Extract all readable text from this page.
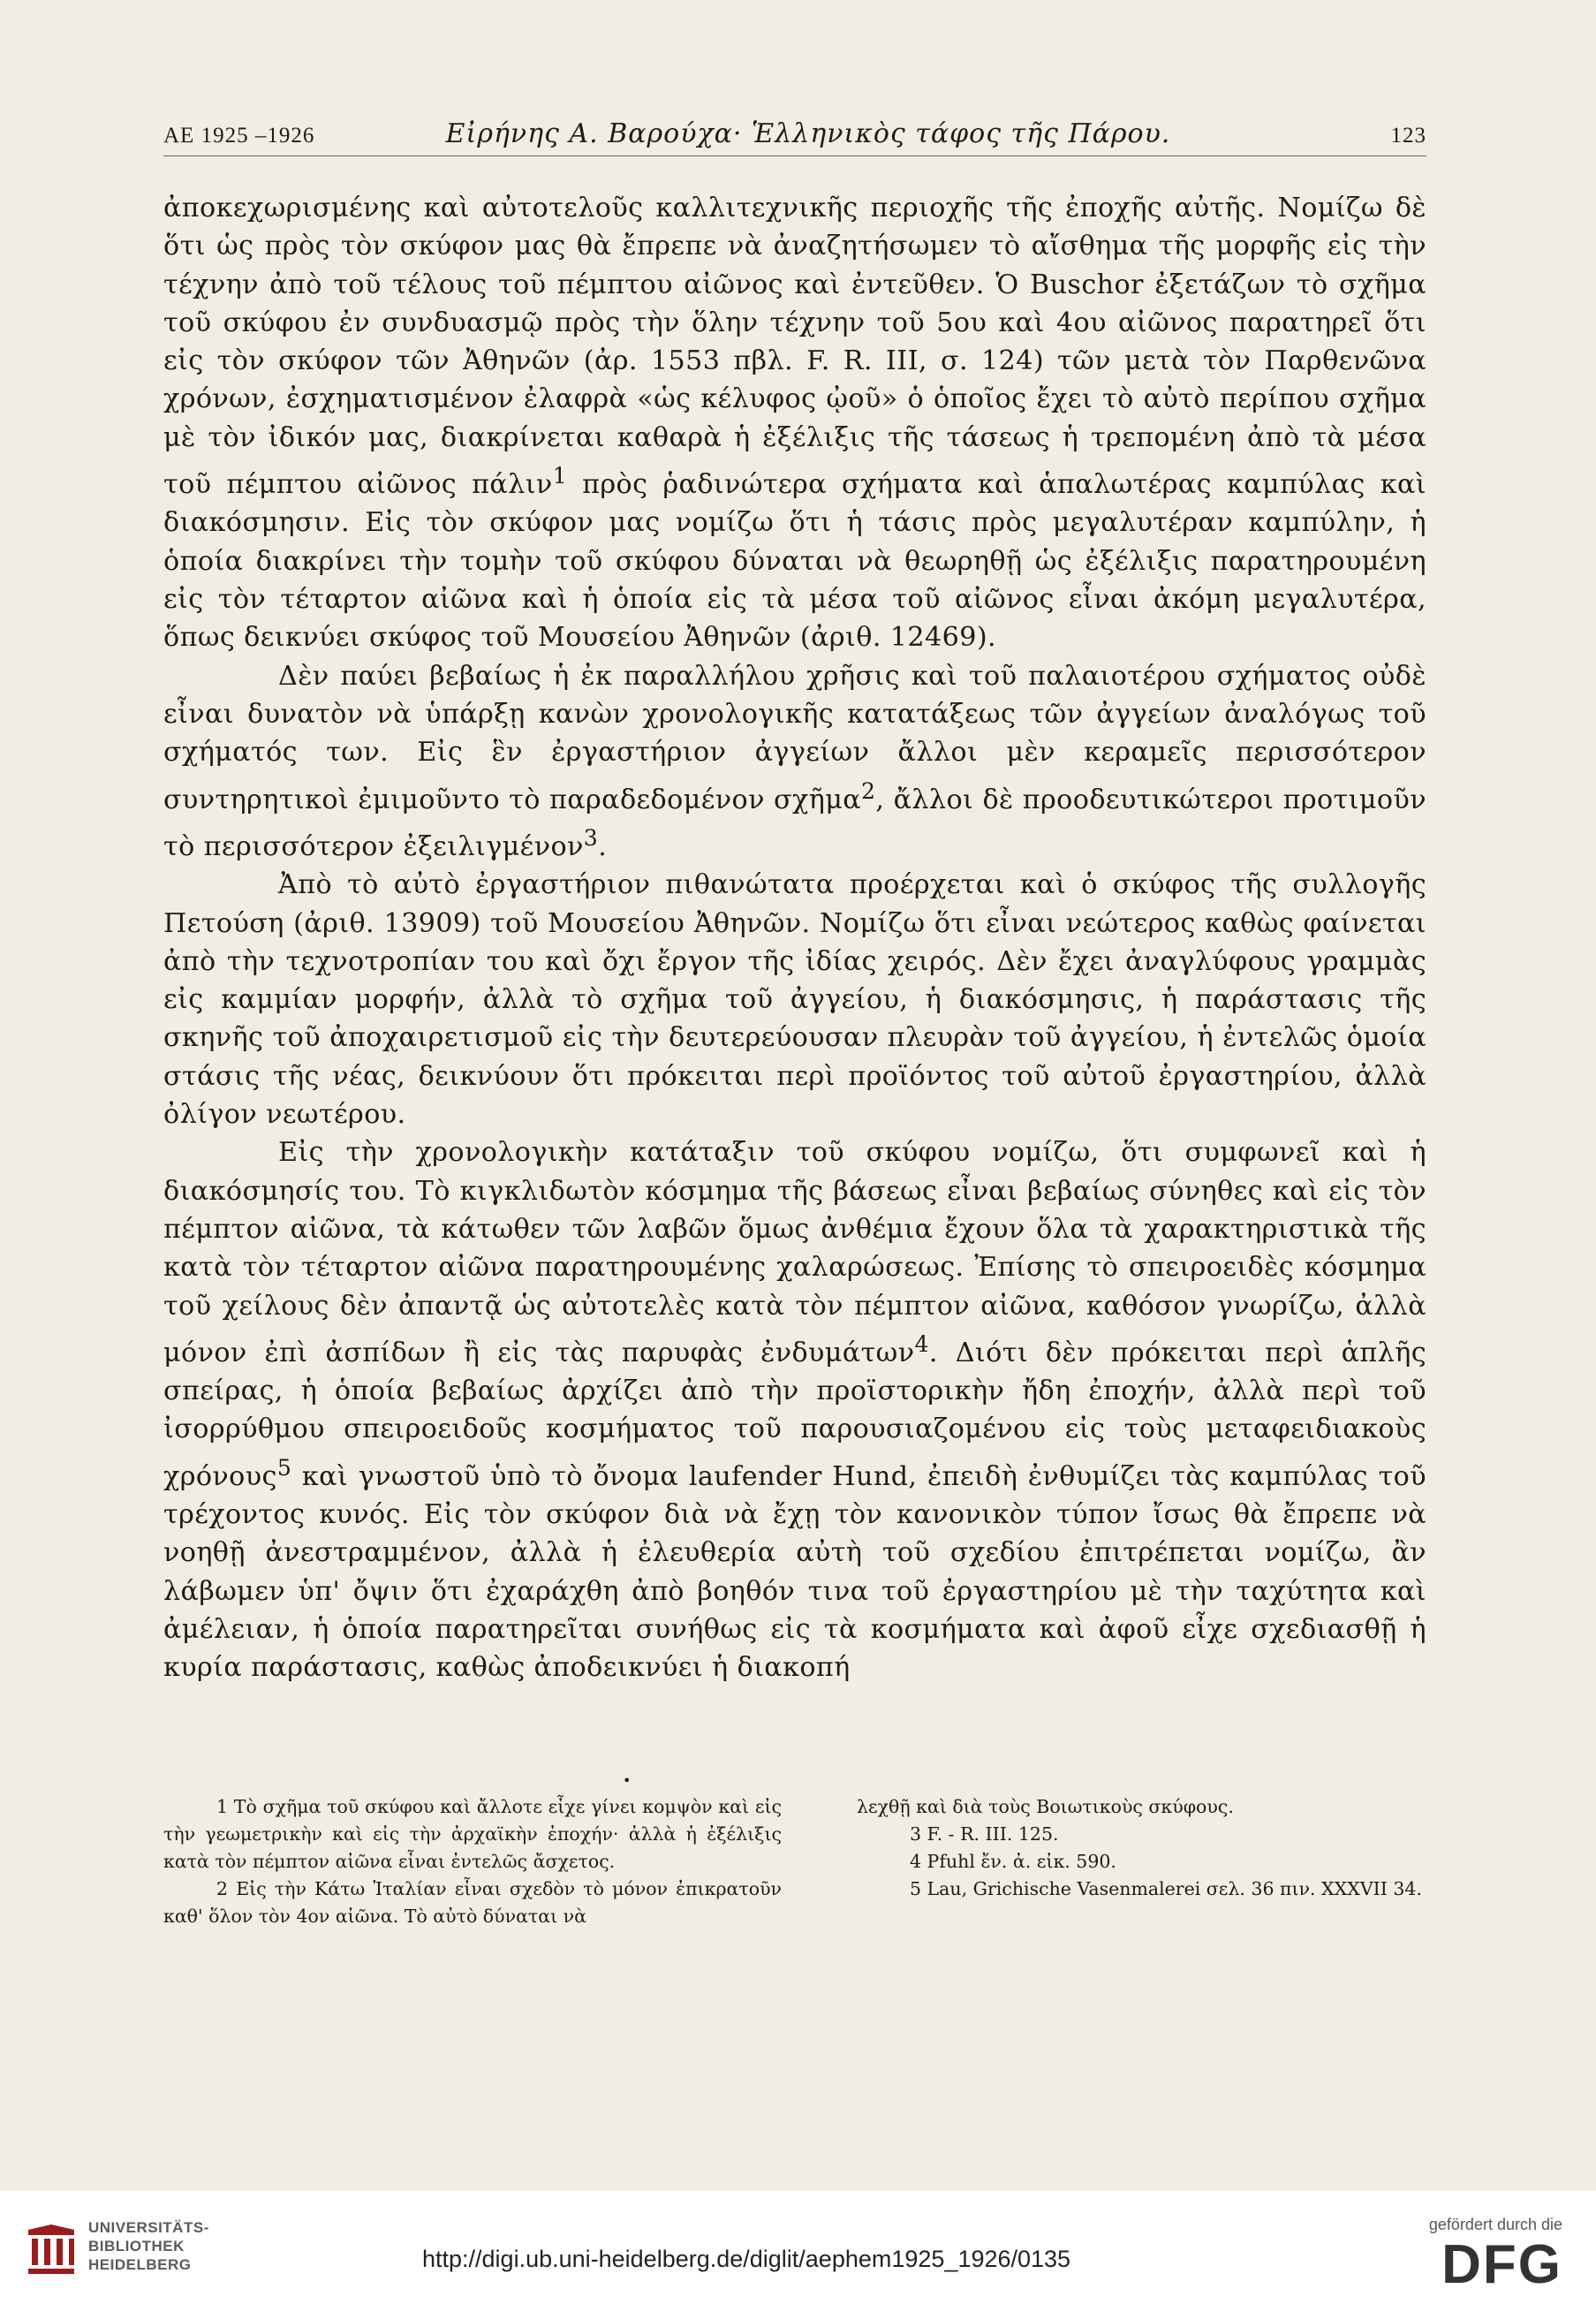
ΑΕ 1925 –1926	Εἰρήνης Α. Βαρούχα· Ἑλληνικὸς τάφος τῆς Πάρου.	123

ἀποκεχωρισμένης καὶ αὐτοτελοῦς καλλιτεχνικῆς περιοχῆς τῆς ἐποχῆς αὐτῆς. Νομίζω δὲ ὅτι ὡς πρὸς τὸν σκύφον μας θὰ ἔπρεπε νὰ ἀναζητήσωμεν τὸ αἴσθημα τῆς μορφῆς εἰς τὴν τέχνην ἀπὸ τοῦ τέλους τοῦ πέμπτου αἰῶνος καὶ ἐντεῦθεν. Ὁ Buschor ἐξετάζων τὸ σχῆμα τοῦ σκύφου ἐν συνδυασμῷ πρὸς τὴν ὅλην τέχνην τοῦ 5ου καὶ 4ου αἰῶνος παρατηρεῖ ὅτι εἰς τὸν σκύφον τῶν Ἀθηνῶν (ἀρ. 1553 πβλ. F. R. III, σ. 124) τῶν μετὰ τὸν Παρθενῶνα χρόνων, ἐσχηματισμένον ἐλαφρὰ «ὡς κέλυφος ᾠοῦ» ὁ ὁποῖος ἔχει τὸ αὐτὸ περίπου σχῆμα μὲ τὸν ἰδικόν μας, διακρίνεται καθαρὰ ἡ ἐξέλιξις τῆς τάσεως ἡ τρεπομένη ἀπὸ τὰ μέσα τοῦ πέμπτου αἰῶνος πάλιν$^1$ πρὸς ῥαδινώτερα σχήματα καὶ ἁπαλωτέρας καμπύλας καὶ διακόσμησιν. Εἰς τὸν σκύφον μας νομίζω ὅτι ἡ τάσις πρὸς μεγαλυτέραν καμπύλην, ἡ ὁποία διακρίνει τὴν τομὴν τοῦ σκύφου δύναται νὰ θεωρηθῇ ὡς ἐξέλιξις παρατηρουμένη εἰς τὸν τέταρτον αἰῶνα καὶ ἡ ὁποία εἰς τὰ μέσα τοῦ αἰῶνος εἶναι ἀκόμη μεγαλυτέρα, ὅπως δεικνύει σκύφος τοῦ Μουσείου Ἀθηνῶν (ἀριθ. 12469).

Δὲν παύει βεβαίως ἡ ἐκ παραλλήλου χρῆσις καὶ τοῦ παλαιοτέρου σχήματος οὐδὲ εἶναι δυνατὸν νὰ ὑπάρξῃ κανὼν χρονολογικῆς κατατάξεως τῶν ἀγγείων ἀναλόγως τοῦ σχήματός των. Εἰς ἓν ἐργαστήριον ἀγγείων ἄλλοι μὲν κεραμεῖς περισσότερον συντηρητικοὶ ἐμιμοῦντο τὸ παραδεδομένον σχῆμα$^2$, ἄλλοι δὲ προοδευτικώτεροι προτιμοῦν τὸ περισσότερον ἐξειλιγμένον$^3$.

Ἀπὸ τὸ αὐτὸ ἐργαστήριον πιθανώτατα προέρχεται καὶ ὁ σκύφος τῆς συλλογῆς Πετούση (ἀριθ. 13909) τοῦ Μουσείου Ἀθηνῶν. Νομίζω ὅτι εἶναι νεώτερος καθὼς φαίνεται ἀπὸ τὴν τεχνοτροπίαν του καὶ ὄχι ἔργον τῆς ἰδίας χειρός. Δὲν ἔχει ἀναγλύφους γραμμὰς εἰς καμμίαν μορφήν, ἀλλὰ τὸ σχῆμα τοῦ ἀγγείου, ἡ διακόσμησις, ἡ παράστασις τῆς σκηνῆς τοῦ ἀποχαιρετισμοῦ εἰς τὴν δευτερεύουσαν πλευρὰν τοῦ ἀγγείου, ἡ ἐντελῶς ὁμοία στάσις τῆς νέας, δεικνύουν ὅτι πρόκειται περὶ προϊόντος τοῦ αὐτοῦ ἐργαστηρίου, ἀλλὰ ὀλίγον νεωτέρου.

Εἰς τὴν χρονολογικὴν κατάταξιν τοῦ σκύφου νομίζω, ὅτι συμφωνεῖ καὶ ἡ διακόσμησίς του. Τὸ κιγκλιδωτὸν κόσμημα τῆς βάσεως εἶναι βεβαίως σύνηθες καὶ εἰς τὸν πέμπτον αἰῶνα, τὰ κάτωθεν τῶν λαβῶν ὅμως ἀνθέμια ἔχουν ὅλα τὰ χαρακτηριστικὰ τῆς κατὰ τὸν τέταρτον αἰῶνα παρατηρουμένης χαλαρώσεως. Ἐπίσης τὸ σπειροειδὲς κόσμημα τοῦ χείλους δὲν ἀπαντᾷ ὡς αὐτοτελὲς κατὰ τὸν πέμπτον αἰῶνα, καθόσον γνωρίζω, ἀλλὰ μόνον ἐπὶ ἀσπίδων ἢ εἰς τὰς παρυφὰς ἐνδυμάτων$^4$. Διότι δὲν πρόκειται περὶ ἁπλῆς σπείρας, ἡ ὁποία βεβαίως ἀρχίζει ἀπὸ τὴν προϊστορικὴν ἤδη ἐποχήν, ἀλλὰ περὶ τοῦ ἰσορρύθμου σπειροειδοῦς κοσμήματος τοῦ παρουσιαζομένου εἰς τοὺς μεταφειδιακοὺς χρόνους$^5$ καὶ γνωστοῦ ὑπὸ τὸ ὄνομα laufender Hund, ἐπειδὴ ἐνθυμίζει τὰς καμπύλας τοῦ τρέχοντος κυνός. Εἰς τὸν σκύφον διὰ νὰ ἔχῃ τὸν κανονικὸν τύπον ἴσως θὰ ἔπρεπε νὰ νοηθῇ ἀνεστραμμένον, ἀλλὰ ἡ ἐλευθερία αὐτὴ τοῦ σχεδίου ἐπιτρέπεται νομίζω, ἂν λάβωμεν ὑπ' ὄψιν ὅτι ἐχαράχθη ἀπὸ βοηθόν τινα τοῦ ἐργαστηρίου μὲ τὴν ταχύτητα καὶ ἀμέλειαν, ἡ ὁποία παρατηρεῖται συνήθως εἰς τὰ κοσμήματα καὶ ἀφοῦ εἶχε σχεδιασθῇ ἡ κυρία παράστασις, καθὼς ἀποδεικνύει ἡ διακοπή

•

1 Τὸ σχῆμα τοῦ σκύφου καὶ ἄλλοτε εἶχε γίνει κομψὸν καὶ εἰς τὴν γεωμετρικὴν καὶ εἰς τὴν ἀρχαϊκὴν ἐποχήν· ἀλλὰ ἡ ἐξέλιξις κατὰ τὸν πέμπτον αἰῶνα εἶναι ἐντελῶς ἄσχετος.

2 Εἰς τὴν Κάτω Ἰταλίαν εἶναι σχεδὸν τὸ μόνον ἐπικρατοῦν καθ' ὅλον τὸν 4ον αἰῶνα. Τὸ αὐτὸ δύναται νὰ

λεχθῇ καὶ διὰ τοὺς Βοιωτικοὺς σκύφους.

3 F. - R. III. 125.

4 Pfuhl ἔν. ἀ. εἰκ. 590.

5 Lau, Grichische Vasenmalerei σελ. 36 πιν. XXXVII 34.

UNIVERSITÄTS-
BIBLIOTHEK
HEIDELBERG	http://digi.ub.uni-heidelberg.de/diglit/aephem1925_1926/0135
gefördert durch die
DFG
